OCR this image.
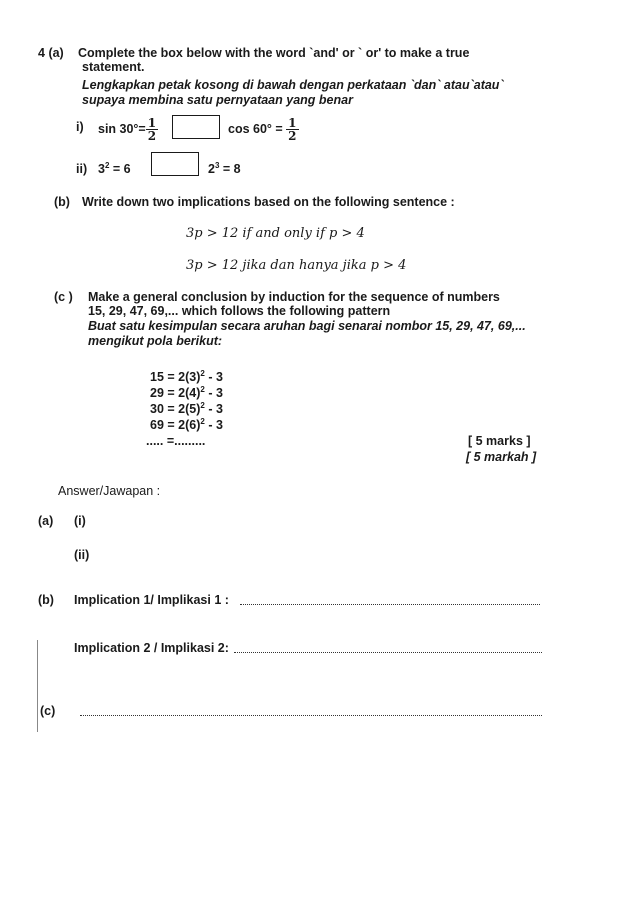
4 (a) Complete the box below with the word `and' or ` or' to make a true
statement.
Lengkapkan petak kosong di bawah dengan perkataan `dan` atau`atau`
supaya membina satu pernyataan yang benar
i) $\sin 30^\circ= \frac{1}{2}$	cos 60° =
$\frac{1}{2}$
ii) $3^2 = 6$	$2^3 = 8$
(b) Write down two implications based on the following sentence :
3p > 12 if and only if p > 4
3p > 12 jika dan hanya jika p > 4
(c ) Make a general conclusion by induction for the sequence of numbers
15, 29, 47, 69,... which follows the following pattern
Buat satu kesimpulan secara aruhan bagi senarai nombor 15, 29, 47, 69,...
mengikut pola berikut:
$15 = 2(3)^2 - 3$
$29 = 2(4)^2 - 3$
$30 = 2(5)^2 - 3$
$69 = 2(6)^2 - 3$
..... =.........	[ 5 marks ]
[ 5 markah ]
Answer/Jawapan :
(a) (i)
(ii)
(b) Implication 1/ Implikasi 1 :
Implication 2 / Implikasi 2:
(c)
